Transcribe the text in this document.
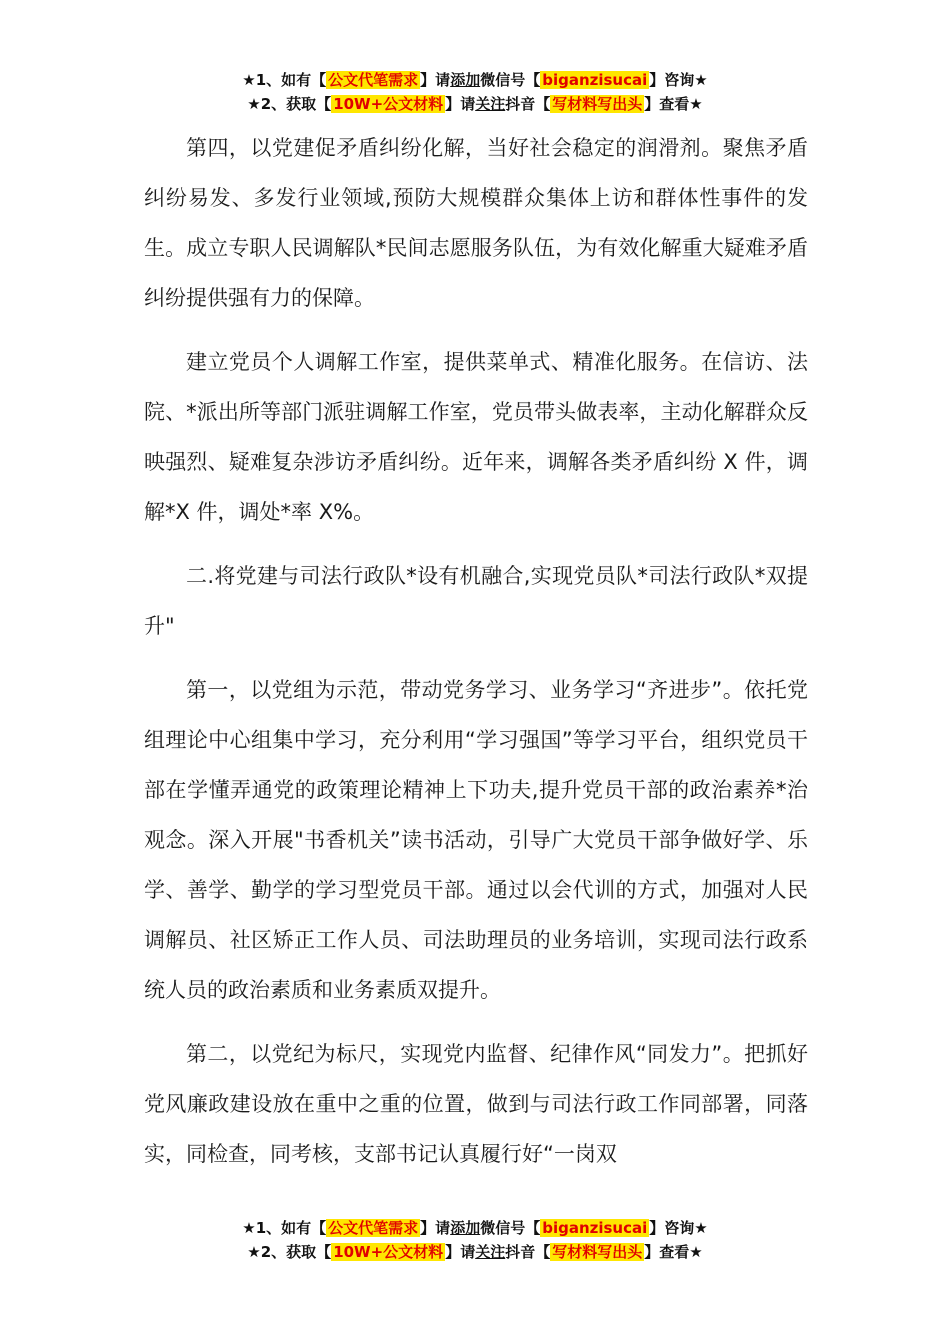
★1、如有【 公文代笔需求 】请添加微信号【 biganzisucai 】咨询★
★2、获取【 10W+公文材料 】请关注抖音【 写材料写出头 】查看★

第四，以党建促矛盾纠纷化解，当好社会稳定的润滑剂。聚焦矛盾纠纷易发、多发行业领域,预防大规模群众集体上访和群体性事件的发生。成立专职人民调解队*民间志愿服务队伍，为有效化解重大疑难矛盾纠纷提供强有力的保障。

建立党员个人调解工作室，提供菜单式、精准化服务。在信访、法院、*派出所等部门派驻调解工作室，党员带头做表率，主动化解群众反映强烈、疑难复杂涉访矛盾纠纷。近年来，调解各类矛盾纠纷 X 件，调解*X 件，调处*率 X%。

二.将党建与司法行政队*设有机融合,实现党员队*司法行政队*双提升"

第一，以党组为示范，带动党务学习、业务学习“齐进步”。依托党组理论中心组集中学习，充分利用“学习强国”等学习平台，组织党员干部在学懂弄通党的政策理论精神上下功夫,提升党员干部的政治素养*治观念。深入开展"书香机关”读书活动，引导广大党员干部争做好学、乐学、善学、勤学的学习型党员干部。通过以会代训的方式，加强对人民调解员、社区矫正工作人员、司法助理员的业务培训，实现司法行政系统人员的政治素质和业务素质双提升。

第二，以党纪为标尺，实现党内监督、纪律作风“同发力”。把抓好党风廉政建设放在重中之重的位置，做到与司法行政工作同部署，同落实，同检查，同考核，支部书记认真履行好“一岗双

★1、如有【 公文代笔需求 】请添加微信号【 biganzisucai 】咨询★
★2、获取【 10W+公文材料 】请关注抖音【 写材料写出头 】查看★
